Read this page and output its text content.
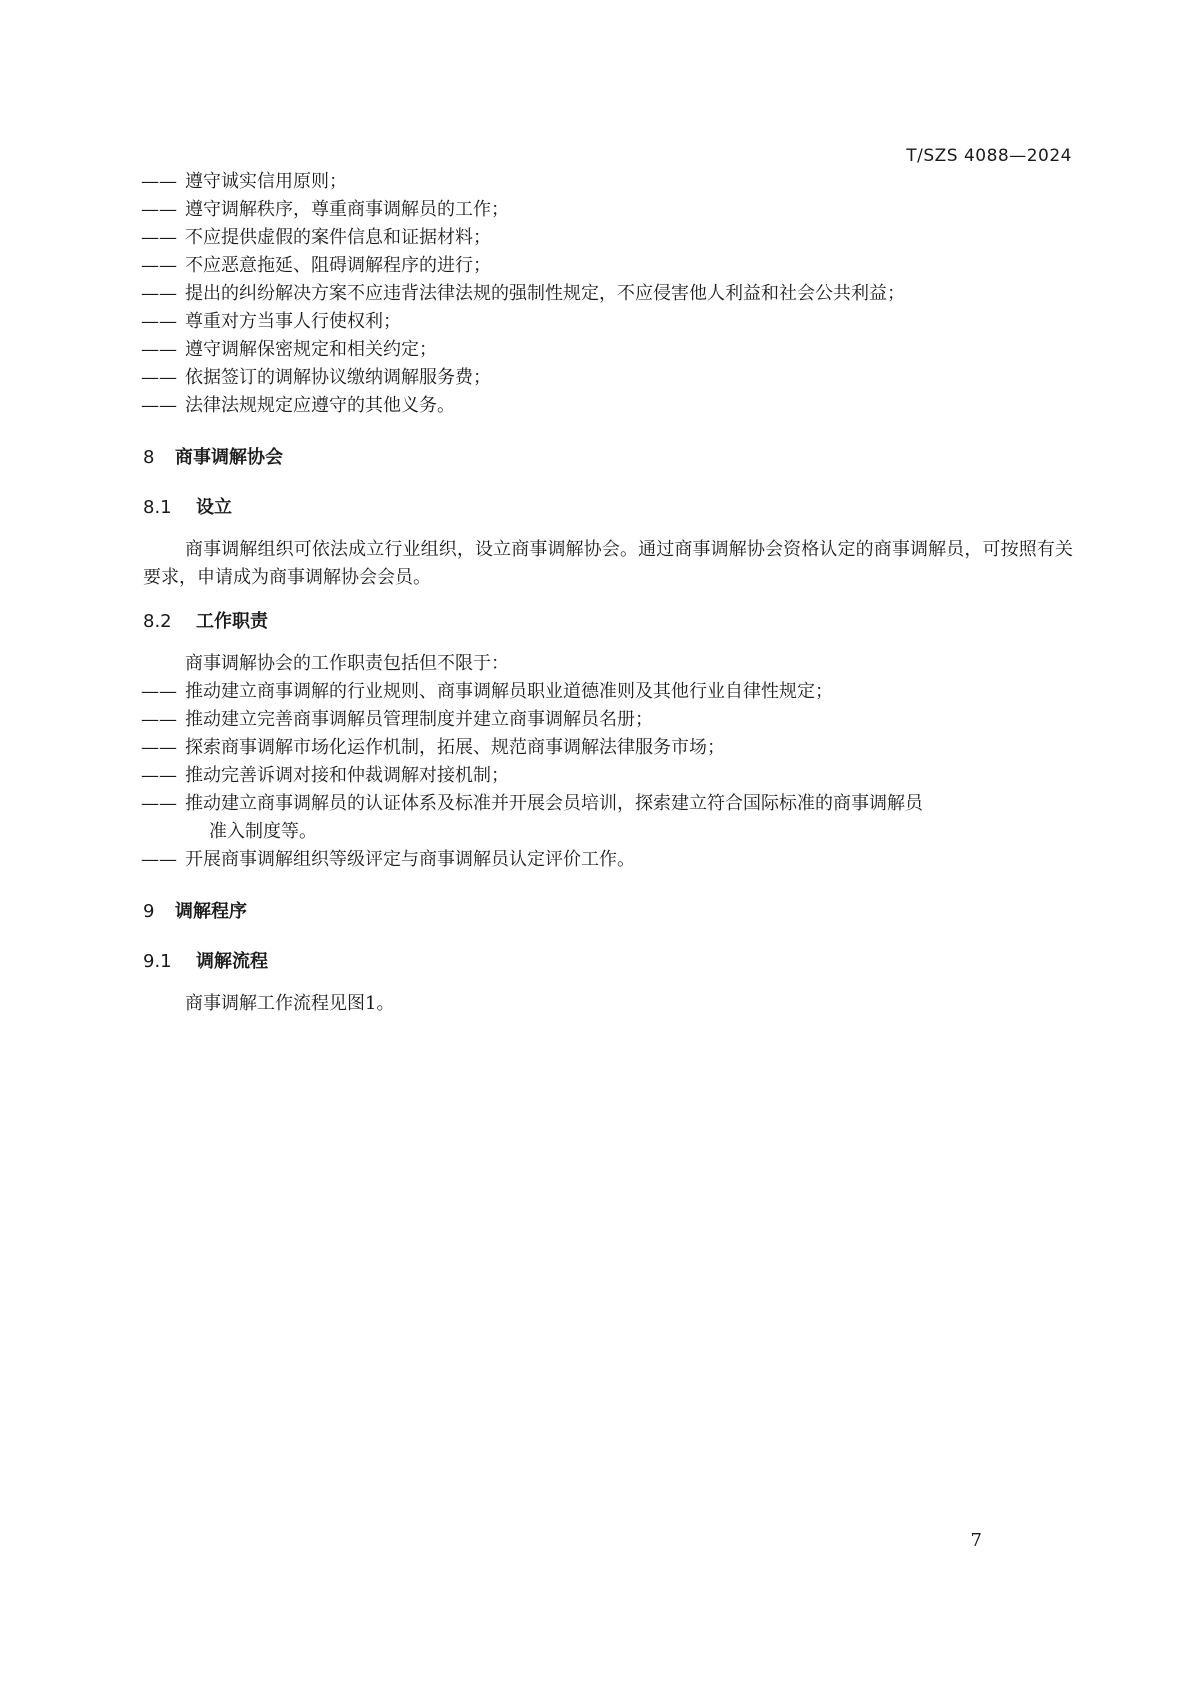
T/SZS 4088—2024
—— 遵守诚实信用原则；
—— 遵守调解秩序，尊重商事调解员的工作；
—— 不应提供虚假的案件信息和证据材料；
—— 不应恶意拖延、阻碍调解程序的进行；
—— 提出的纠纷解决方案不应违背法律法规的强制性规定，不应侵害他人利益和社会公共利益；
—— 尊重对方当事人行使权利；
—— 遵守调解保密规定和相关约定；
—— 依据签订的调解协议缴纳调解服务费；
—— 法律法规规定应遵守的其他义务。
8 商事调解协会
8.1 设立
商事调解组织可依法成立行业组织，设立商事调解协会。通过商事调解协会资格认定的商事调解员，可按照有关要求，申请成为商事调解协会会员。
8.2 工作职责
商事调解协会的工作职责包括但不限于：
—— 推动建立商事调解的行业规则、商事调解员职业道德准则及其他行业自律性规定；
—— 推动建立完善商事调解员管理制度并建立商事调解员名册；
—— 探索商事调解市场化运作机制，拓展、规范商事调解法律服务市场；
—— 推动完善诉调对接和仲裁调解对接机制；
—— 推动建立商事调解员的认证体系及标准并开展会员培训，探索建立符合国际标准的商事调解员
准入制度等。
—— 开展商事调解组织等级评定与商事调解员认定评价工作。
9 调解程序
9.1 调解流程
商事调解工作流程见图1。
7
